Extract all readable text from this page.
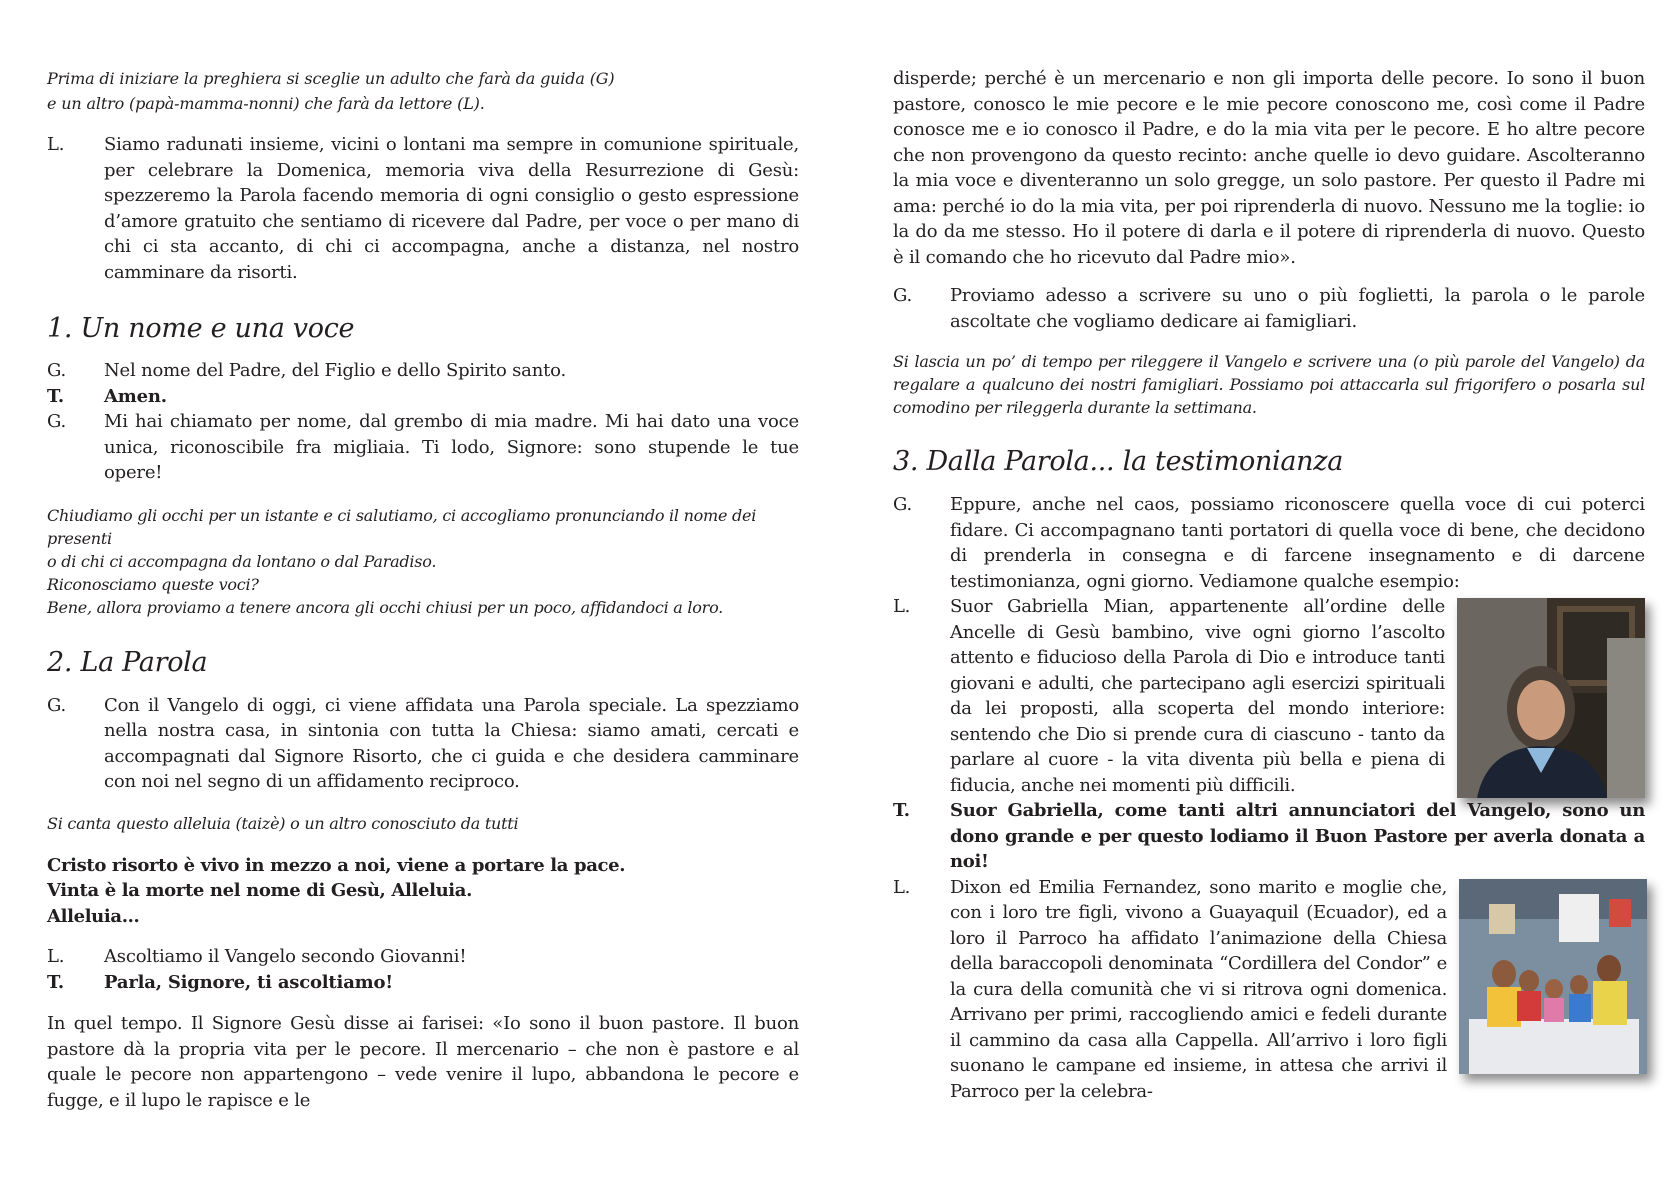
Prima di iniziare la preghiera si sceglie un adulto che farà da guida (G)

e un altro (papà-mamma-nonni) che farà da lettore (L).

L.	Siamo radunati insieme, vicini o lontani ma sempre in comunione spirituale, per celebrare la Domenica, memoria viva della Resurrezione di Gesù: spezzeremo la Parola facendo memoria di ogni consiglio o gesto espressione d’amore gratuito che sentiamo di ricevere dal Padre, per voce o per mano di chi ci sta accanto, di chi ci accompagna, anche a distanza, nel nostro camminare da risorti.
1. Un nome e una voce
G.	Nel nome del Padre, del Figlio e dello Spirito santo.
T.	Amen.
G.	Mi hai chiamato per nome, dal grembo di mia madre. Mi hai dato una voce unica, riconoscibile fra migliaia. Ti lodo, Signore: sono stupende le tue opere!

Chiudiamo gli occhi per un istante e ci salutiamo, ci accogliamo pronunciando il nome dei presenti

o di chi ci accompagna da lontano o dal Paradiso.

Riconosciamo queste voci?

Bene, allora proviamo a tenere ancora gli occhi chiusi per un poco, affidandoci a loro.

2. La Parola
G.	Con il Vangelo di oggi, ci viene affidata una Parola speciale. La spezziamo nella nostra casa, in sintonia con tutta la Chiesa: siamo amati, cercati e accompagnati dal Signore Risorto, che ci guida e che desidera camminare con noi nel segno di un affidamento reciproco.

Si canta questo alleluia (taizè) o un altro conosciuto da tutti

Cristo risorto è vivo in mezzo a noi, viene a portare la pace.

Vinta è la morte nel nome di Gesù, Alleluia.

Alleluia...

L.	Ascoltiamo il Vangelo secondo Giovanni!
T.	Parla, Signore, ti ascoltiamo!

In quel tempo. Il Signore Gesù disse ai farisei: «Io sono il buon pastore. Il buon pastore dà la propria vita per le pecore. Il mercenario – che non è pastore e al quale le pecore non appartengono – vede venire il lupo, abbandona le pecore e fugge, e il lupo le rapisce e le

disperde; perché è un mercenario e non gli importa delle pecore. Io sono il buon pastore, conosco le mie pecore e le mie pecore conoscono me, così come il Padre conosce me e io conosco il Padre, e do la mia vita per le pecore. E ho altre pecore che non provengono da questo recinto: anche quelle io devo guidare. Ascolteranno la mia voce e diventeranno un solo gregge, un solo pastore. Per questo il Padre mi ama: perché io do la mia vita, per poi riprenderla di nuovo. Nessuno me la toglie: io la do da me stesso. Ho il potere di darla e il potere di riprenderla di nuovo. Questo è il comando che ho ricevuto dal Padre mio».

G.	Proviamo adesso a scrivere su uno o più foglietti, la parola o le parole ascoltate che vogliamo dedicare ai famigliari.

Si lascia un po’ di tempo per rileggere il Vangelo e scrivere una (o più parole del Vangelo) da regalare a qualcuno dei nostri famigliari. Possiamo poi attaccarla sul frigorifero o posarla sul comodino per rileggerla durante la settimana.

3. Dalla Parola... la testimonianza
G.	Eppure, anche nel caos, possiamo riconoscere quella voce di cui poterci fidare. Ci accompagnano tanti portatori di quella voce di bene, che decidono di prenderla in consegna e di farcene insegnamento e di darcene testimonianza, ogni giorno. Vediamone qualche esempio:
L.	Suor Gabriella Mian, appartenente all’ordine delle Ancelle di Gesù bambino, vive ogni giorno l’ascolto attento e fiducioso della Parola di Dio e introduce tanti giovani e adulti, che partecipano agli esercizi spirituali da lei proposti, alla scoperta del mondo interiore: sentendo che Dio si prende cura di ciascuno - tanto da parlare al cuore - la vita diventa più bella e piena di fiducia, anche nei momenti più difficili.
T.	Suor Gabriella, come tanti altri annunciatori del Vangelo, sono un dono grande e per questo lodiamo il Buon Pastore per averla donata a noi!
L.	Dixon ed Emilia Fernandez, sono marito e moglie che, con i loro tre figli, vivono a Guayaquil (Ecuador), ed a loro il Parroco ha affidato l’animazione della Chiesa della baraccopoli denominata “Cordillera del Condor” e la cura della comunità che vi si ritrova ogni domenica. Arrivano per primi, raccogliendo amici e fedeli durante il cammino da casa alla Cappella. All’arrivo i loro figli suonano le campane ed insieme, in attesa che arrivi il Parroco per la celebra-
